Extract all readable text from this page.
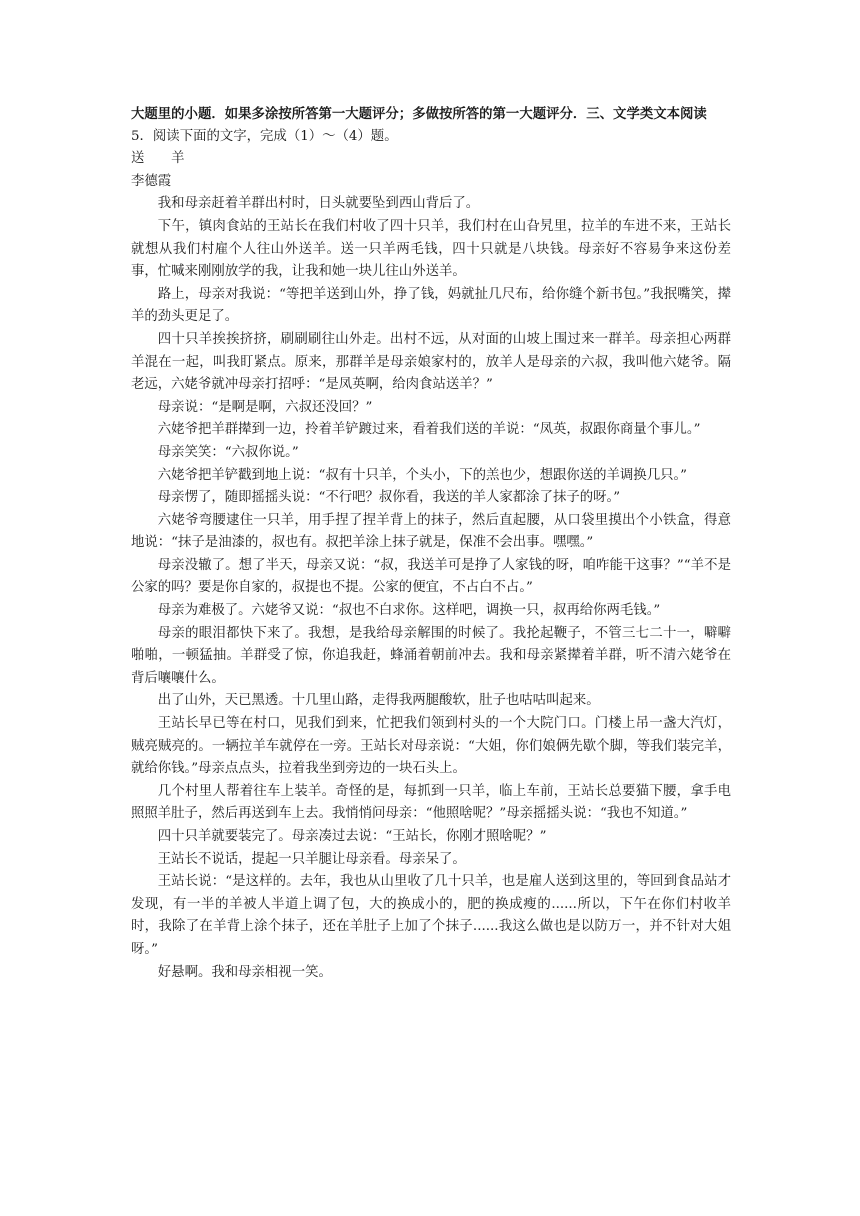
大题里的小题．如果多涂按所答第一大题评分；多做按所答的第一大题评分．三、文学类文本阅读

5．阅读下面的文字，完成（1）～（4）题。

送　　羊

李德霞

我和母亲赶着羊群出村时，日头就要坠到西山背后了。

下午，镇肉食站的王站长在我们村收了四十只羊，我们村在山旮旯里，拉羊的车进不来，王站长就想从我们村雇个人往山外送羊。送一只羊两毛钱，四十只就是八块钱。母亲好不容易争来这份差事，忙喊来刚刚放学的我，让我和她一块儿往山外送羊。

路上，母亲对我说：“等把羊送到山外，挣了钱，妈就扯几尺布，给你缝个新书包。”我抿嘴笑，撵羊的劲头更足了。

四十只羊挨挨挤挤，刷刷刷往山外走。出村不远，从对面的山坡上围过来一群羊。母亲担心两群羊混在一起，叫我盯紧点。原来，那群羊是母亲娘家村的，放羊人是母亲的六叔，我叫他六姥爷。隔老远，六姥爷就冲母亲打招呼：“是凤英啊，给肉食站送羊？”

母亲说：“是啊是啊，六叔还没回？”

六姥爷把羊群撵到一边，拎着羊铲踱过来，看着我们送的羊说：“凤英，叔跟你商量个事儿。”

母亲笑笑：“六叔你说。”

六姥爷把羊铲戳到地上说：“叔有十只羊，个头小，下的羔也少，想跟你送的羊调换几只。”

母亲愣了，随即摇摇头说：“不行吧？叔你看，我送的羊人家都涂了抹子的呀。”

六姥爷弯腰逮住一只羊，用手捏了捏羊背上的抹子，然后直起腰，从口袋里摸出个小铁盒，得意地说：“抹子是油漆的，叔也有。叔把羊涂上抹子就是，保准不会出事。嘿嘿。”

母亲没辙了。想了半天，母亲又说：“叔，我送羊可是挣了人家钱的呀，咱咋能干这事？”“羊不是公家的吗？要是你自家的，叔提也不提。公家的便宜，不占白不占。”

母亲为难极了。六姥爷又说：“叔也不白求你。这样吧，调换一只，叔再给你两毛钱。”

母亲的眼泪都快下来了。我想，是我给母亲解围的时候了。我抡起鞭子，不管三七二十一，噼噼啪啪，一顿猛抽。羊群受了惊，你追我赶，蜂涌着朝前冲去。我和母亲紧撵着羊群，听不清六姥爷在背后嚷嚷什么。

出了山外，天已黑透。十几里山路，走得我两腿酸软，肚子也咕咕叫起来。

王站长早已等在村口，见我们到来，忙把我们领到村头的一个大院门口。门楼上吊一盏大汽灯，贼亮贼亮的。一辆拉羊车就停在一旁。王站长对母亲说：“大姐，你们娘俩先歇个脚，等我们装完羊，就给你钱。”母亲点点头，拉着我坐到旁边的一块石头上。

几个村里人帮着往车上装羊。奇怪的是，每抓到一只羊，临上车前，王站长总要猫下腰，拿手电照照羊肚子，然后再送到车上去。我悄悄问母亲：“他照啥呢？”母亲摇摇头说：“我也不知道。”

四十只羊就要装完了。母亲凑过去说：“王站长，你刚才照啥呢？”

王站长不说话，提起一只羊腿让母亲看。母亲呆了。

王站长说：“是这样的。去年，我也从山里收了几十只羊，也是雇人送到这里的，等回到食品站才发现，有一半的羊被人半道上调了包，大的换成小的，肥的换成瘦的......所以，下午在你们村收羊时，我除了在羊背上涂个抹子，还在羊肚子上加了个抹子......我这么做也是以防万一，并不针对大姐呀。”

好悬啊。我和母亲相视一笑。
